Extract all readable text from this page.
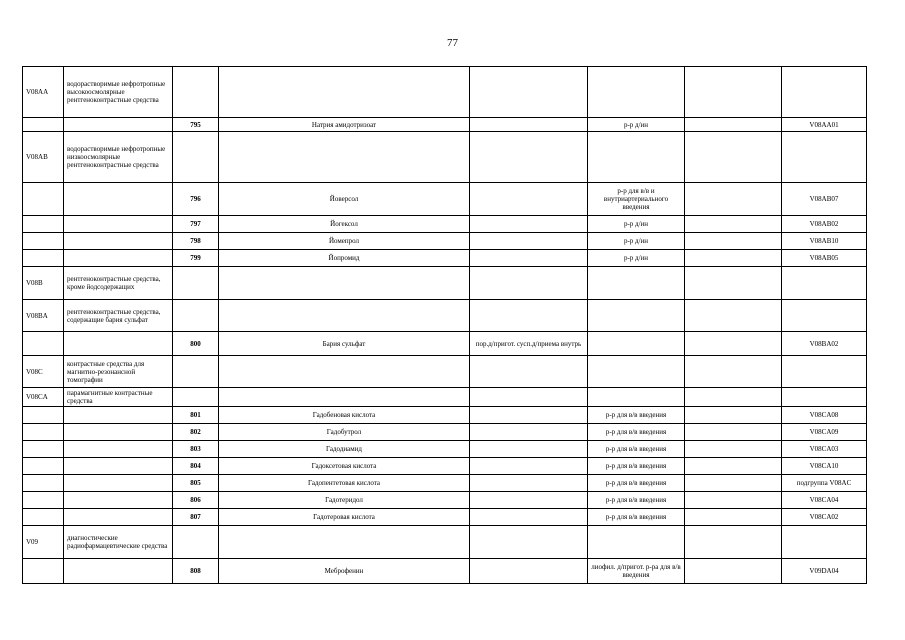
77
V08AA	водорастворимые нефротропные высокоосмолярные рентгеноконтрастные средства						
		795	Натрия амидотризоат		р-р д/ин		V08AA01
V08AB	водорастворимые нефротропные низкоосмолярные рентгеноконтрастные средства						
		796	Йоверсол		р-р для в/в и внутриартериального введения		V08AB07
		797	Йогексол		р-р д/ин		V08AB02
		798	Йомепрол		р-р д/ин		V08AB10
		799	Йопромид		р-р д/ин		V08AB05
V08B	рентгеноконтрастные средства, кроме йодсодержащих						
V08BA	рентгеноконтрастные средства, содержащие бария сульфат						
		800	Бария сульфат	пор.д/пригот. сусп.д/приема внутрь			V08BA02
V08C	контрастные средства для магнитно-резонансной томографии						
V08CA	парамагнитные контрастные средства						
		801	Гадобеновая кислота		р-р для в/в введения		V08CA08
		802	Гадобутрол		р-р для в/в введения		V08CA09
		803	Гадодиамид		р-р для в/в введения		V08CA03
		804	Гадоксетовая кислота		р-р для в/в введения		V08CA10
		805	Гадопентетовая кислота		р-р для в/в введения		подгруппа V08AC
		806	Гадотеридол		р-р для в/в введения		V08CA04
		807	Гадотеровая кислота		р-р для в/в введения		V08CA02
V09	диагностические радиофармацевтические средства						
		808	Меброфенин		лиофил. д/пригот. р-ра для в/в введения		V09DA04
